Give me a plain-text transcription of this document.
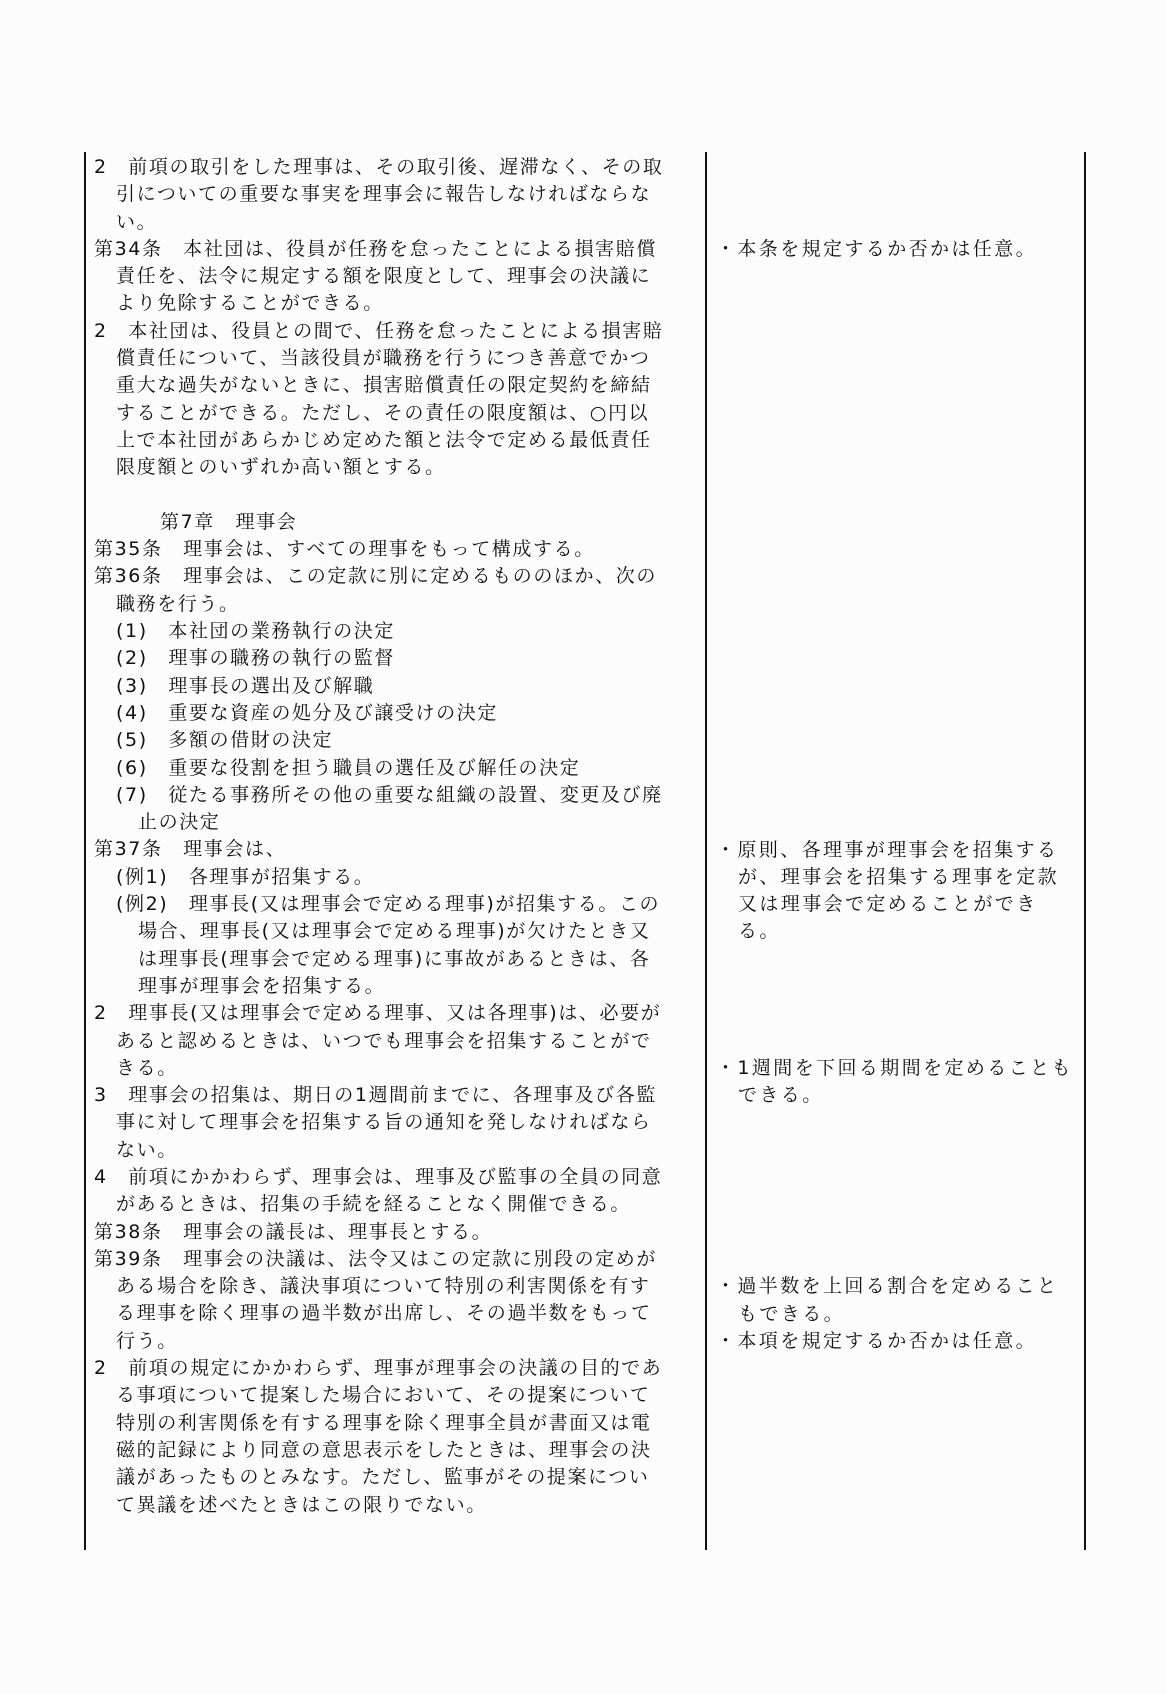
2　前項の取引をした理事は、その取引後、遅滞なく、その取
引についての重要な事実を理事会に報告しなければならな
い。
第34条　本社団は、役員が任務を怠ったことによる損害賠償
責任を、法令に規定する額を限度として、理事会の決議に
より免除することができる。
2　本社団は、役員との間で、任務を怠ったことによる損害賠
償責任について、当該役員が職務を行うにつき善意でかつ
重大な過失がないときに、損害賠償責任の限定契約を締結
することができる。ただし、その責任の限度額は、○円以
上で本社団があらかじめ定めた額と法令で定める最低責任
限度額とのいずれか高い額とする。
第7章　理事会
第35条　理事会は、すべての理事をもって構成する。
第36条　理事会は、この定款に別に定めるもののほか、次の
職務を行う。
(1)　本社団の業務執行の決定
(2)　理事の職務の執行の監督
(3)　理事長の選出及び解職
(4)　重要な資産の処分及び譲受けの決定
(5)　多額の借財の決定
(6)　重要な役割を担う職員の選任及び解任の決定
(7)　従たる事務所その他の重要な組織の設置、変更及び廃
止の決定
第37条　理事会は、
(例1)　各理事が招集する。
(例2)　理事長(又は理事会で定める理事)が招集する。この
場合、理事長(又は理事会で定める理事)が欠けたとき又
は理事長(理事会で定める理事)に事故があるときは、各
理事が理事会を招集する。
2　理事長(又は理事会で定める理事、又は各理事)は、必要が
あると認めるときは、いつでも理事会を招集することがで
きる。
3　理事会の招集は、期日の1週間前までに、各理事及び各監
事に対して理事会を招集する旨の通知を発しなければなら
ない。
4　前項にかかわらず、理事会は、理事及び監事の全員の同意
があるときは、招集の手続を経ることなく開催できる。
第38条　理事会の議長は、理事長とする。
第39条　理事会の決議は、法令又はこの定款に別段の定めが
ある場合を除き、議決事項について特別の利害関係を有す
る理事を除く理事の過半数が出席し、その過半数をもって
行う。
2　前項の規定にかかわらず、理事が理事会の決議の目的であ
る事項について提案した場合において、その提案について
特別の利害関係を有する理事を除く理事全員が書面又は電
磁的記録により同意の意思表示をしたときは、理事会の決
議があったものとみなす。ただし、監事がその提案につい
て異議を述べたときはこの限りでない。
・本条を規定するか否かは任意。
・原則、各理事が理事会を招集する
が、理事会を招集する理事を定款
又は理事会で定めることができ
る。
・1週間を下回る期間を定めることも
できる。
・過半数を上回る割合を定めること
もできる。
・本項を規定するか否かは任意。
